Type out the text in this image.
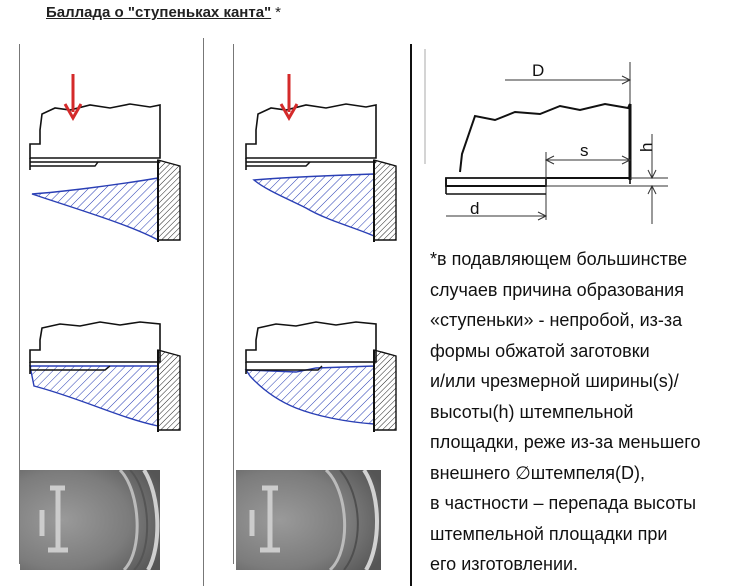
Баллада о "ступеньках канта" *
D
s	h
d
*в подавляющем большинстве
случаев причина образования
«ступеньки» - непробой, из-за
формы обжатой заготовки
и/или чрезмерной ширины(s)/
высоты(h) штемпельной
площадки, реже из-за меньшего
внешнего ∅штемпеля(D),
в частности – перепада высоты
штемпельной площадки при
его изготовлении.
